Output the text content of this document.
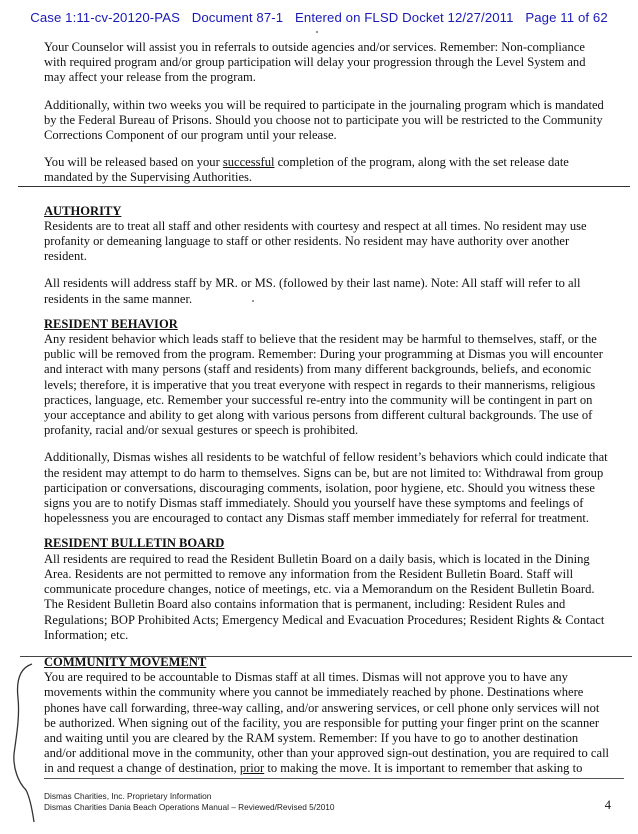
Case 1:11-cv-20120-PAS Document 87-1 Entered on FLSD Docket 12/27/2011 Page 11 of 62

Your Counselor will assist you in referrals to outside agencies and/or services. Remember: Non-compliance with required program and/or group participation will delay your progression through the Level System and may affect your release from the program.

Additionally, within two weeks you will be required to participate in the journaling program which is mandated by the Federal Bureau of Prisons. Should you choose not to participate you will be restricted to the Community Corrections Component of our program until your release.

You will be released based on your successful completion of the program, along with the set release date mandated by the Supervising Authorities.

AUTHORITY

Residents are to treat all staff and other residents with courtesy and respect at all times. No resident may use profanity or demeaning language to staff or other residents. No resident may have authority over another resident.

All residents will address staff by MR. or MS. (followed by their last name). Note: All staff will refer to all residents in the same manner.

RESIDENT BEHAVIOR

Any resident behavior which leads staff to believe that the resident may be harmful to themselves, staff, or the public will be removed from the program. Remember: During your programming at Dismas you will encounter and interact with many persons (staff and residents) from many different backgrounds, beliefs, and economic levels; therefore, it is imperative that you treat everyone with respect in regards to their mannerisms, religious practices, language, etc. Remember your successful re-entry into the community will be contingent in part on your acceptance and ability to get along with various persons from different cultural backgrounds. The use of profanity, racial and/or sexual gestures or speech is prohibited.

Additionally, Dismas wishes all residents to be watchful of fellow resident’s behaviors which could indicate that the resident may attempt to do harm to themselves. Signs can be, but are not limited to: Withdrawal from group participation or conversations, discouraging comments, isolation, poor hygiene, etc. Should you witness these signs you are to notify Dismas staff immediately. Should you yourself have these symptoms and feelings of hopelessness you are encouraged to contact any Dismas staff member immediately for referral for treatment.

RESIDENT BULLETIN BOARD

All residents are required to read the Resident Bulletin Board on a daily basis, which is located in the Dining Area. Residents are not permitted to remove any information from the Resident Bulletin Board. Staff will communicate procedure changes, notice of meetings, etc. via a Memorandum on the Resident Bulletin Board. The Resident Bulletin Board also contains information that is permanent, including: Resident Rules and Regulations; BOP Prohibited Acts; Emergency Medical and Evacuation Procedures; Resident Rights & Contact Information; etc.

COMMUNITY MOVEMENT

You are required to be accountable to Dismas staff at all times. Dismas will not approve you to have any movements within the community where you cannot be immediately reached by phone. Destinations where phones have call forwarding, three-way calling, and/or answering services, or cell phone only services will not be authorized. When signing out of the facility, you are responsible for putting your finger print on the scanner and waiting until you are cleared by the RAM system. Remember: If you have to go to another destination and/or additional move in the community, other than your approved sign-out destination, you are required to call in and request a change of destination, prior to making the move. It is important to remember that asking to

Dismas Charities, Inc. Proprietary Information
Dismas Charities Dania Beach Operations Manual – Reviewed/Revised 5/2010	4
